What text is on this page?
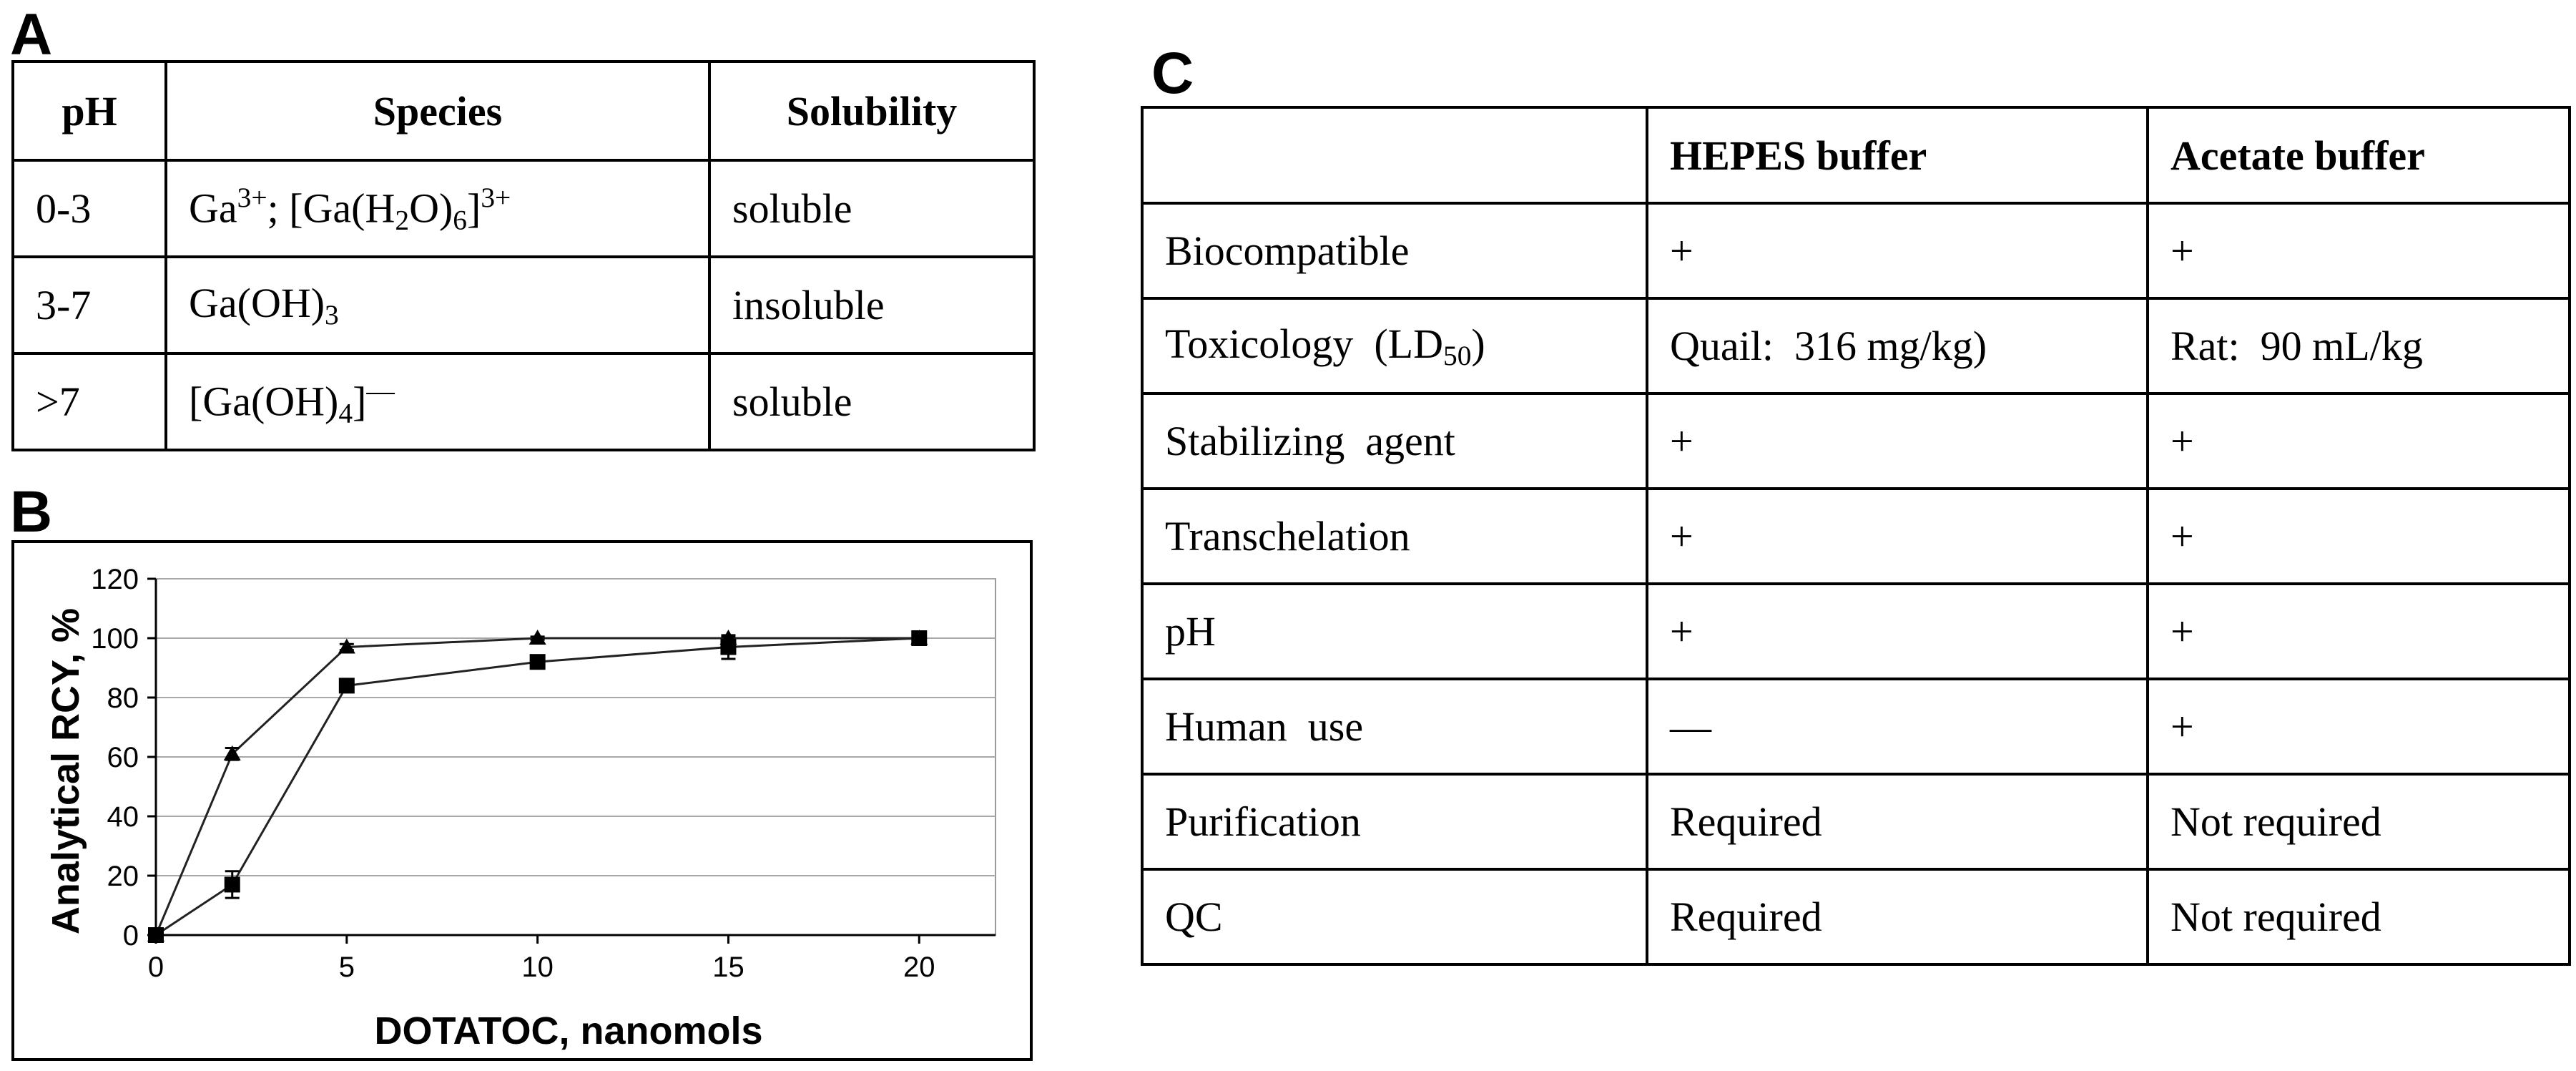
A
pH	Species	Solubility
0-3	$Ga^{3+}$; $[Ga(H_2O)_6]^{3+}$	soluble
3-7	$Ga(OH)_3$	insoluble
>7	$[Ga(OH)_4]^—$	soluble
B
0
20
40
60
80
100
120
0	5	10	15	20
DOTATOC, nanomols
Analytical RCY, %
C
	HEPES buffer	Acetate buffer
Biocompatible	+	+
Toxicology  $(LD_{50})$	Quail:  316 mg/kg)	Rat:  90 mL/kg
Stabilizing  agent	+	+
Transchelation	+	+
pH	+	+
Human  use	—	+
Purification	Required	Not required
QC	Required	Not required
